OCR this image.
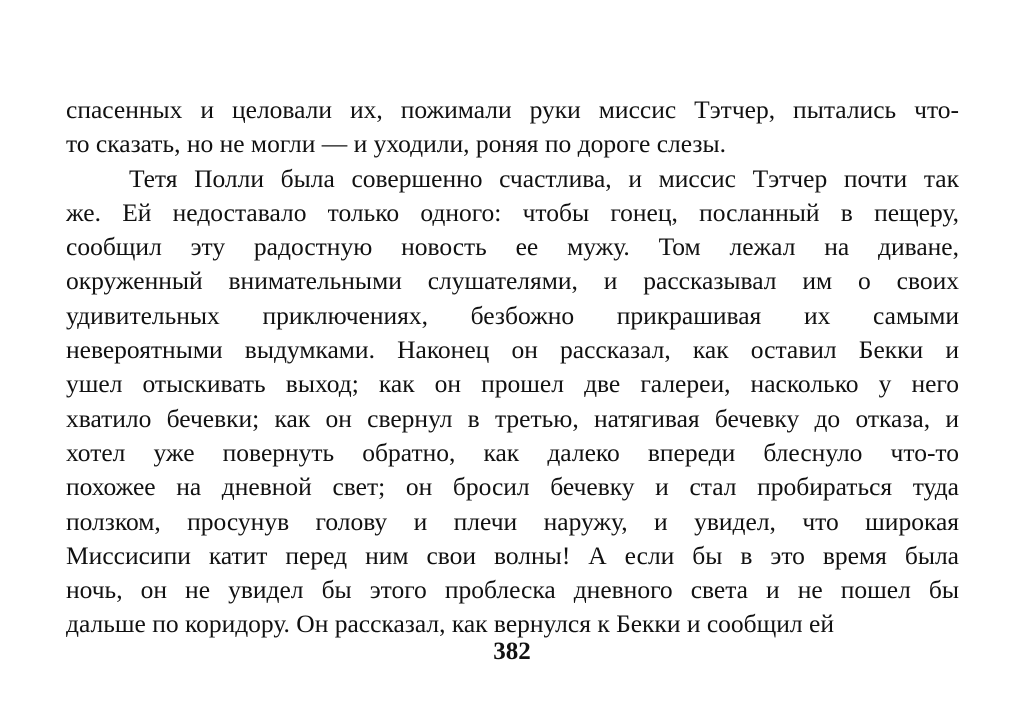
спасенных и целовали их, пожимали руки миссис Тэтчер, пытались что-
то сказать, но не могли — и уходили, роняя по дороге слезы.
Тетя Полли была совершенно счастлива, и миссис Тэтчер почти так
же. Ей недоставало только одного: чтобы гонец, посланный в пещеру,
сообщил эту радостную новость ее мужу. Том лежал на диване,
окруженный внимательными слушателями, и рассказывал им о своих
удивительных приключениях, безбожно прикрашивая их самыми
невероятными выдумками. Наконец он рассказал, как оставил Бекки и
ушел отыскивать выход; как он прошел две галереи, насколько у него
хватило бечевки; как он свернул в третью, натягивая бечевку до отказа, и
хотел уже повернуть обратно, как далеко впереди блеснуло что-то
похожее на дневной свет; он бросил бечевку и стал пробираться туда
ползком, просунув голову и плечи наружу, и увидел, что широкая
Миссисипи катит перед ним свои волны! А если бы в это время была
ночь, он не увидел бы этого проблеска дневного света и не пошел бы
дальше по коридору. Он рассказал, как вернулся к Бекки и сообщил ей
382
